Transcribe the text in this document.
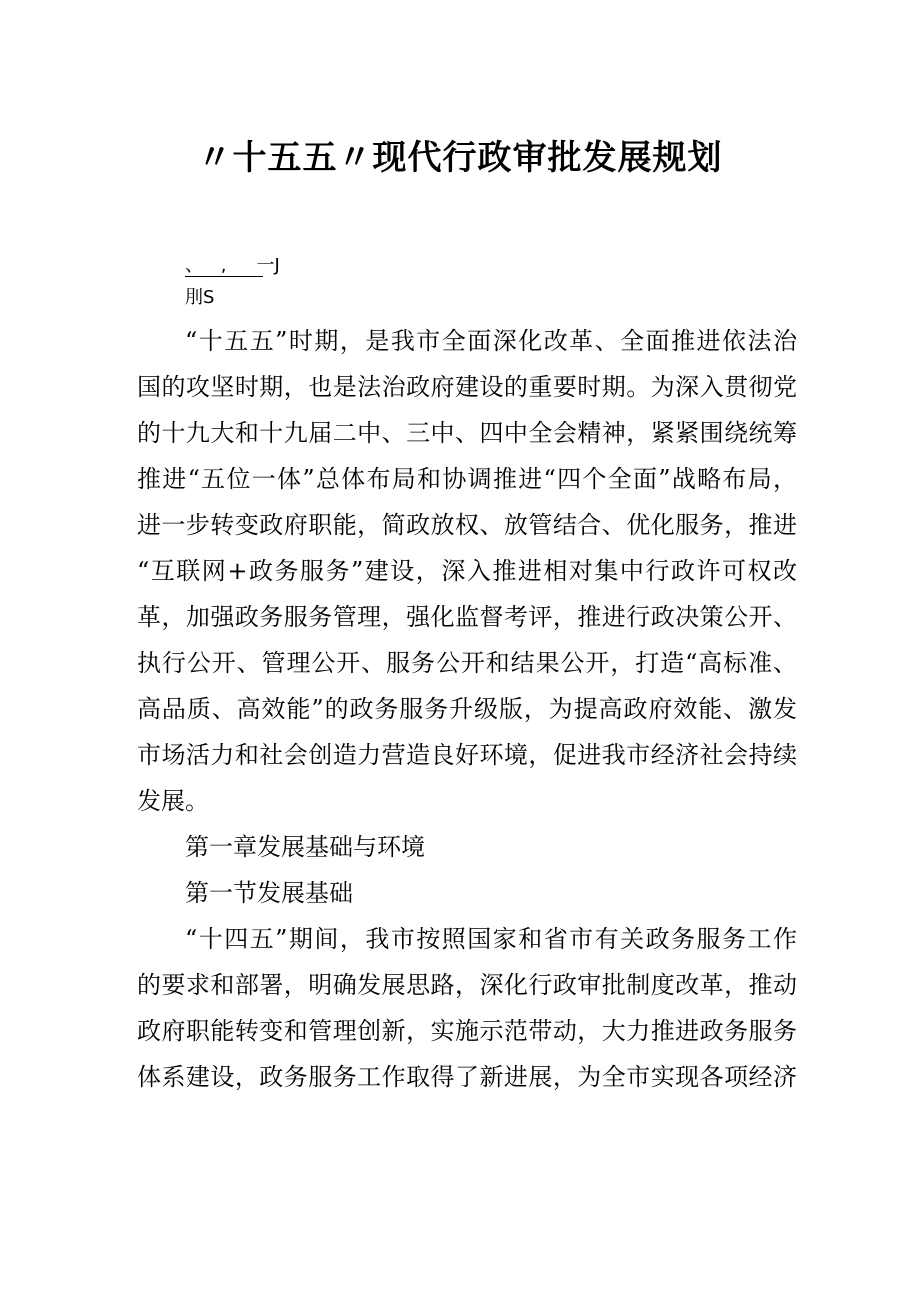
〃十五五〃现代行政审批发展规划
、 , 一J
刖S
“十五五”时期，是我市全面深化改革、全面推进依法治
国的攻坚时期，也是法治政府建设的重要时期。为深入贯彻党
的十九大和十九届二中、三中、四中全会精神，紧紧围绕统筹
推进“五位一体”总体布局和协调推进“四个全面”战略布局，
进一步转变政府职能，简政放权、放管结合、优化服务，推进
“互联网+政务服务”建设，深入推进相对集中行政许可权改
革，加强政务服务管理，强化监督考评，推进行政决策公开、
执行公开、管理公开、服务公开和结果公开，打造“高标准、
高品质、高效能”的政务服务升级版，为提高政府效能、激发
市场活力和社会创造力营造良好环境，促进我市经济社会持续
发展。
第一章发展基础与环境
第一节发展基础
“十四五”期间，我市按照国家和省市有关政务服务工作
的要求和部署，明确发展思路，深化行政审批制度改革，推动
政府职能转变和管理创新，实施示范带动，大力推进政务服务
体系建设，政务服务工作取得了新进展，为全市实现各项经济
